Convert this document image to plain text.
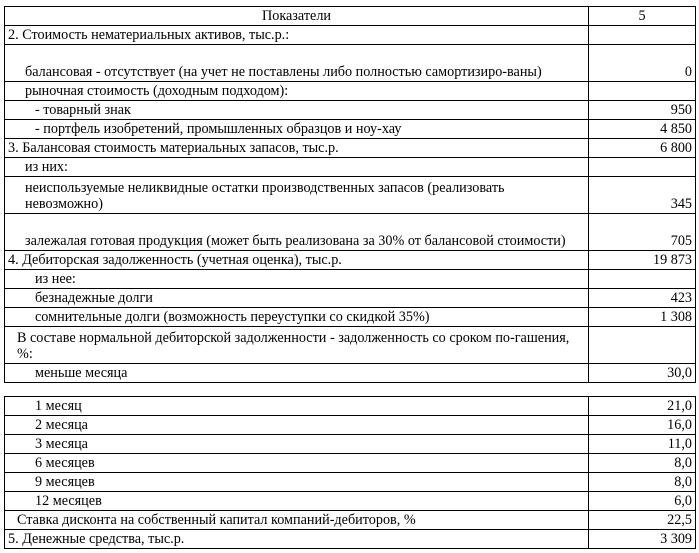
Показатели	5
2. Стоимость нематериальных активов, тыс.р.:	
балансовая - отсутствует (на учет не поставлены либо полностью самортизиро-ваны)	0
рыночная стоимость (доходным подходом):	
- товарный знак	950
- портфель изобретений, промышленных образцов и ноу-хау	4 850
3. Балансовая стоимость материальных запасов, тыс.р.	6 800
из них:	
неиспользуемые неликвидные остатки производственных запасов (реализовать невозможно)	345
залежалая готовая продукция (может быть реализована за 30% от балансовой стоимости)	705
4. Дебиторская задолженность (учетная оценка), тыс.р.	19 873
из нее:	
безнадежные долги	423
сомнительные долги (возможность переуступки со скидкой 35%)	1 308
В составе нормальной дебиторской задолженности - задолженность со сроком по-гашения, %:	
меньше месяца	30,0
1 месяц	21,0
2 месяца	16,0
3 месяца	11,0
6 месяцев	8,0
9 месяцев	8,0
12 месяцев	6,0
Ставка дисконта на собственный капитал компаний-дебиторов, %	22,5
5. Денежные средства, тыс.р.	3 309
